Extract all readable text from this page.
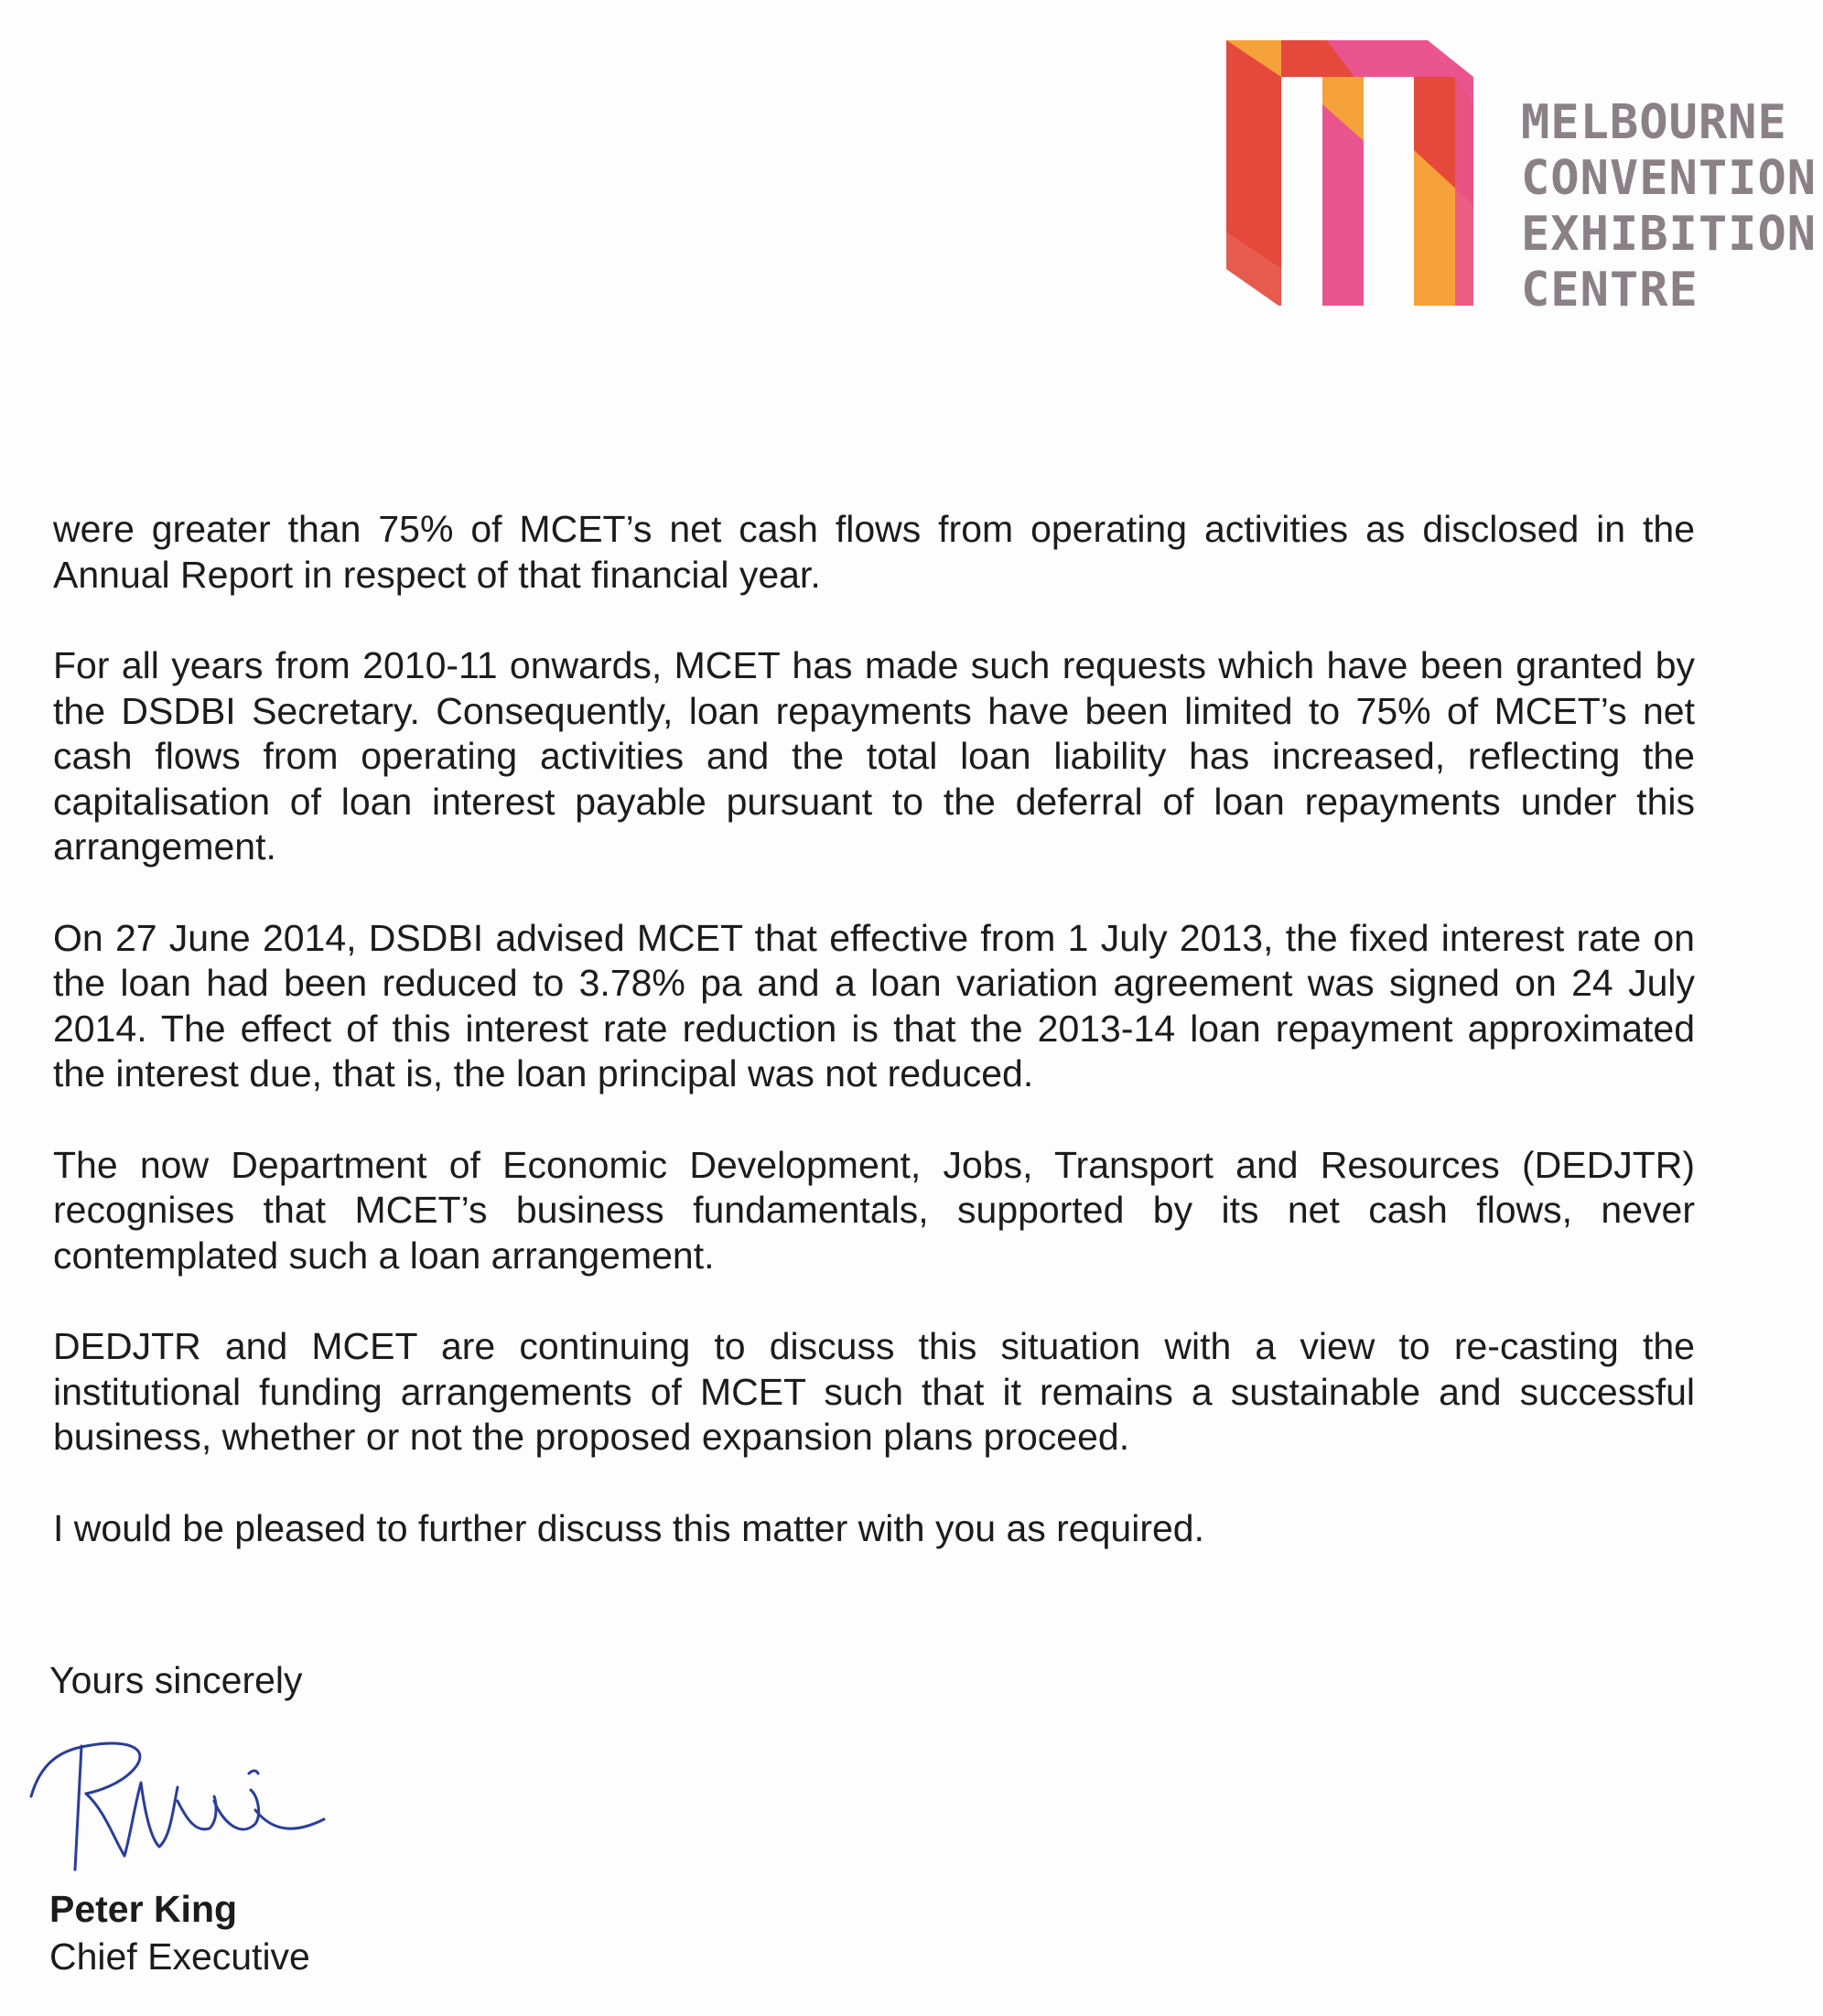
MELBOURNE
CONVENTION
EXHIBITION
CENTRE

were greater than 75% of MCET’s net cash flows from operating activities as disclosed in the Annual Report in respect of that financial year.

For all years from 2010-11 onwards, MCET has made such requests which have been granted by the DSDBI Secretary. Consequently, loan repayments have been limited to 75% of MCET’s net cash flows from operating activities and the total loan liability has increased, reflecting the capitalisation of loan interest payable pursuant to the deferral of loan repayments under this arrangement.

On 27 June 2014, DSDBI advised MCET that effective from 1 July 2013, the fixed interest rate on the loan had been reduced to 3.78% pa and a loan variation agreement was signed on 24 July 2014. The effect of this interest rate reduction is that the 2013-14 loan repayment approximated the interest due, that is, the loan principal was not reduced.

The now Department of Economic Development, Jobs, Transport and Resources (DEDJTR) recognises that MCET’s business fundamentals, supported by its net cash flows, never contemplated such a loan arrangement.

DEDJTR and MCET are continuing to discuss this situation with a view to re-casting the institutional funding arrangements of MCET such that it remains a sustainable and successful business, whether or not the proposed expansion plans proceed.

I would be pleased to further discuss this matter with you as required.

Yours sincerely
Peter King
Chief Executive
